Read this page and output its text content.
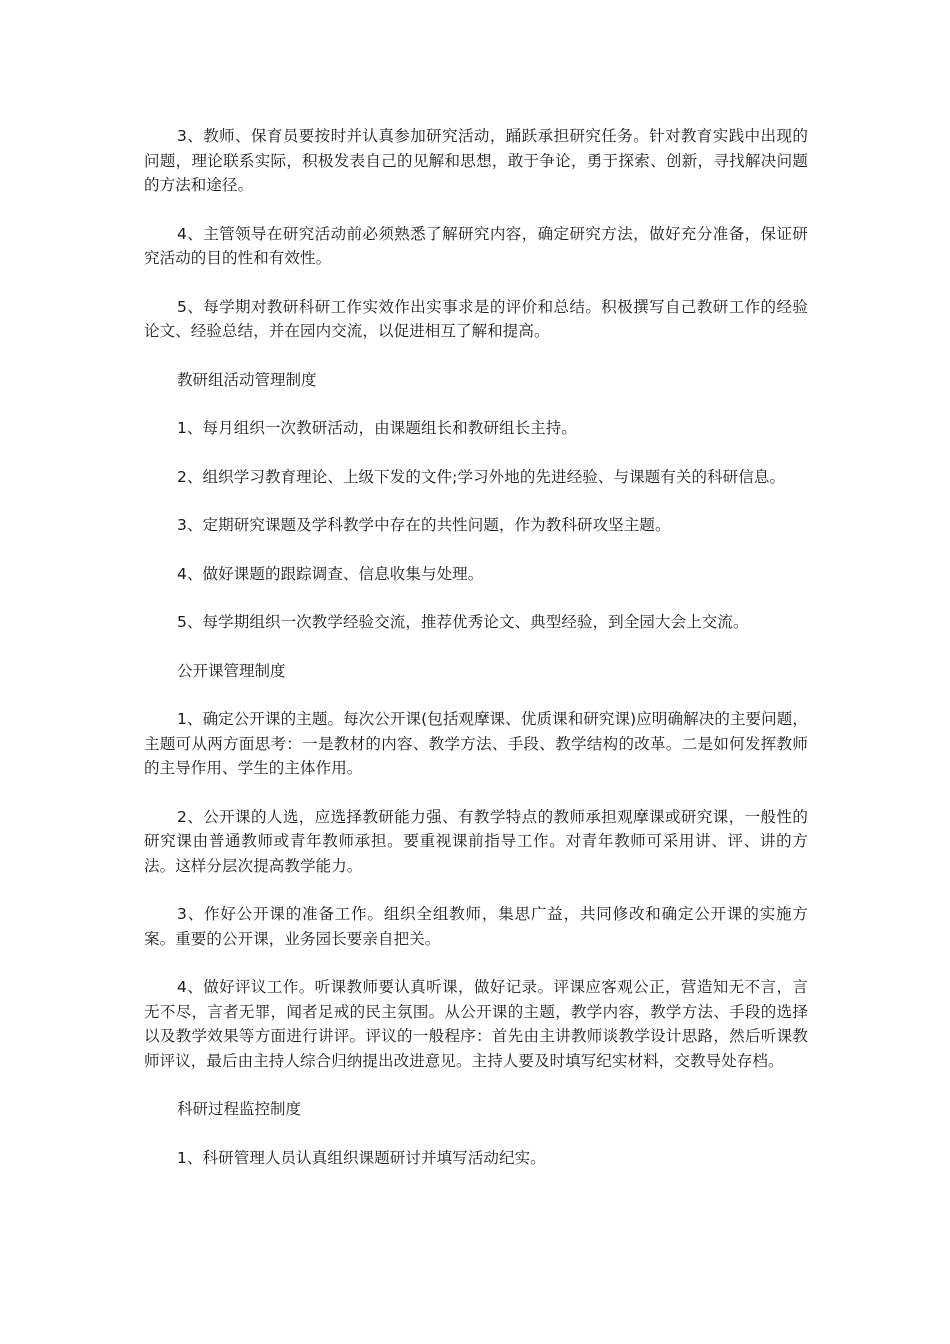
3、教师、保育员要按时并认真参加研究活动，踊跃承担研究任务。针对教育实践中出现的问题，理论联系实际，积极发表自己的见解和思想，敢于争论，勇于探索、创新，寻找解决问题的方法和途径。

4、主管领导在研究活动前必须熟悉了解研究内容，确定研究方法，做好充分准备，保证研究活动的目的性和有效性。

5、每学期对教研科研工作实效作出实事求是的评价和总结。积极撰写自己教研工作的经验论文、经验总结，并在园内交流，以促进相互了解和提高。

教研组活动管理制度

1、每月组织一次教研活动，由课题组长和教研组长主持。

2、组织学习教育理论、上级下发的文件;学习外地的先进经验、与课题有关的科研信息。

3、定期研究课题及学科教学中存在的共性问题，作为教科研攻坚主题。

4、做好课题的跟踪调查、信息收集与处理。

5、每学期组织一次教学经验交流，推荐优秀论文、典型经验，到全园大会上交流。

公开课管理制度

1、确定公开课的主题。每次公开课(包括观摩课、优质课和研究课)应明确解决的主要问题，主题可从两方面思考：一是教材的内容、教学方法、手段、教学结构的改革。二是如何发挥教师的主导作用、学生的主体作用。

2、公开课的人选，应选择教研能力强、有教学特点的教师承担观摩课或研究课，一般性的研究课由普通教师或青年教师承担。要重视课前指导工作。对青年教师可采用讲、评、讲的方法。这样分层次提高教学能力。

3、作好公开课的准备工作。组织全组教师，集思广益，共同修改和确定公开课的实施方案。重要的公开课，业务园长要亲自把关。

4、做好评议工作。听课教师要认真听课，做好记录。评课应客观公正，营造知无不言，言无不尽，言者无罪，闻者足戒的民主氛围。从公开课的主题，教学内容，教学方法、手段的选择以及教学效果等方面进行讲评。评议的一般程序：首先由主讲教师谈教学设计思路，然后听课教师评议，最后由主持人综合归纳提出改进意见。主持人要及时填写纪实材料，交教导处存档。

科研过程监控制度

1、科研管理人员认真组织课题研讨并填写活动纪实。
